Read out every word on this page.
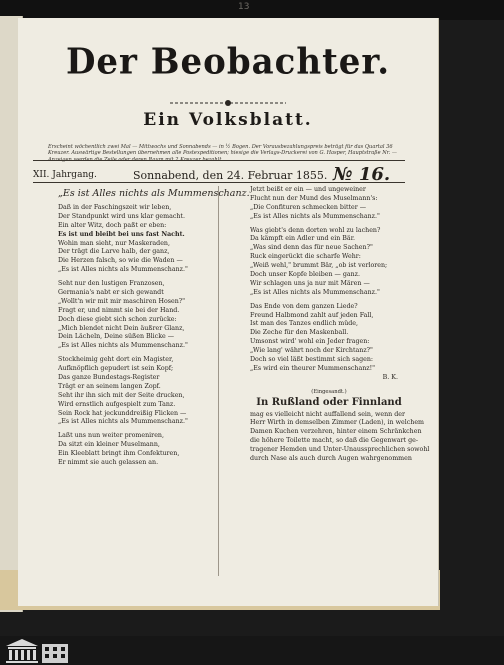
13
Der Beobachter.
Ein Volksblatt.
Erscheint wöchentlich zwei Mal — Mittwochs und Sonnabends — in ½ Bogen. Der Vorausbezahlungspreis beträgt für das Quartal 36 Kreuzer. Auswärtige Bestellungen übernehmen alle Postexpeditionen; hiesige die Verlags-Druckerei von G. Hasper, Hauptstraße Nr. — Anzeigen werden die Zeile oder deren Raum mit 2 Kreuzer bezahlt.
XII. Jahrgang.	Sonnabend, den 24. Februar 1855. № 16.
„Es ist Alles nichts als Mummenschanz.
Daß in der Faschingszeit wir leben,
Der Standpunkt wird uns klar gemacht.
Ein alter Witz, doch paßt er eben:
Es ist und bleibt bei uns fast Nacht.
Wohin man sieht, nur Maskeraden,
Der trägt die Larve halb, der ganz,
Die Herzen falsch, so wie die Waden —
„Es ist Alles nichts als Mummenschanz."
Seht nur den lustigen Franzosen,
Germania's nabt er sich gewandt
„Wollt'n wir mit mir maschiren Hosen?"
Fragt er, und nimmt sie bei der Hand.
Doch diese giebt sich schon zurücke:
„Mich blendet nicht Dein äußrer Glanz,
Dein Lächeln, Deine süßen Blicke —
„Es ist Alles nichts als Mummenschanz."
Stockheimig geht dort ein Magister,
Aufknöpflich gepudert ist sein Kopf;
Das ganze Bundestags-Register
Trägt er an seinem langen Zopf.
Seht ihr ihn sich mit der Seite drucken,
Wird ernstlich aufgespielt zum Tanz.
Sein Rock hat jeckunddreißig Flicken —
„Es ist Alles nichts als Mummenschanz."
Laßt uns nun weiter promeniren,
Da sitzt ein kleiner Muselmann,
Ein Kleeblatt bringt ihm Confekturen,
Er nimmt sie auch gelassen an.
Jetzt beißt er ein — und ungeweiner
Flucht nun der Mund des Muselmann's:
„Die Confituren schmecken bitter —
„Es ist Alles nichts als Mummenschanz."
Was giebt's denn dorten wohl zu lachen?
Da kämpft ein Adler und ein Bär.
„Was sind denn das für neue Sachen?"
Ruck eingerückt die scharfe Wehr:
„Weiß wehl," brummt Bär, „ob ist verloren;
Doch unser Kopfe bleiben — ganz.
Wir schlagen uns ja nur mit Mären —
„Es ist Alles nichts als Mummenschanz."
Das Ende von dem ganzen Liede?
Freund Halbmond zahlt auf jeden Fall,
Ist man des Tanzes endlich müde,
Die Zeche für den Maskenball.
Umsonst wird' wohl ein Jeder fragen:
„Wie lang' währt noch der Kirchtanz?"
Doch so viel läßt bestimmt sich sagen:
„Es wird ein theurer Mummenschanz!"
B. K.
(Eingesandt.)
In Rußland oder Finnland
mag es vielleicht nicht auffallend sein, wenn der
Herr Wirth in demselben Zimmer (Laden), in welchem
Damen Kuchen verzehren, hinter einem Schränkchen
die höhere Toilette macht, so daß die Gegenwart ge-
tragener Hemden und Unter-Unaussprechlichen sowohl
durch Nase als auch durch Augen wahrgenommen
